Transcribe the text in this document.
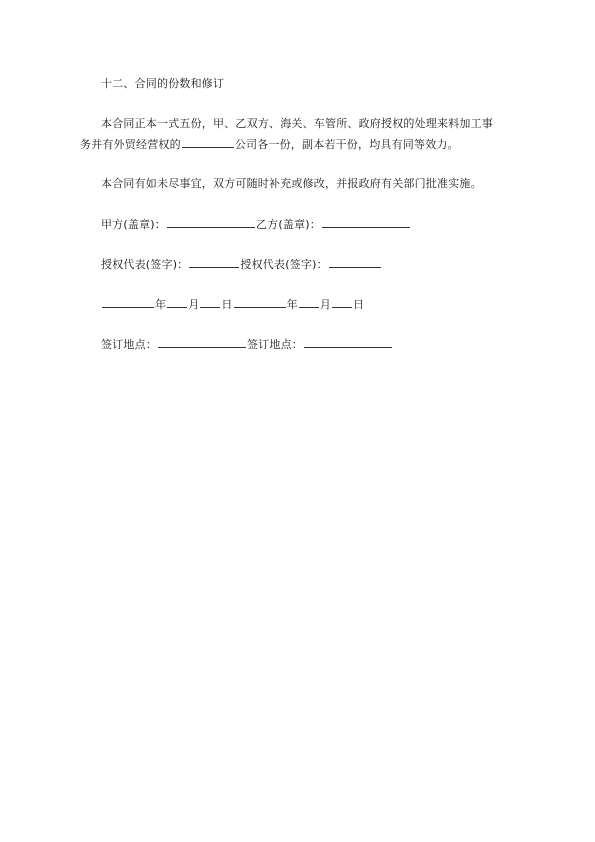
十二、合同的份数和修订
本合同正本一式五份，甲、乙双方、海关、车管所、政府授权的处理来料加工事
务并有外贸经营权的	公司各一份，副本若干份，均具有同等效力。
本合同有如未尽事宜，双方可随时补充或修改，并报政府有关部门批准实施。
甲方(盖章)：	乙方(盖章)：
授权代表(签字)：	授权代表(签字)：
年 月 日	年 月 日
签订地点：	签订地点：
